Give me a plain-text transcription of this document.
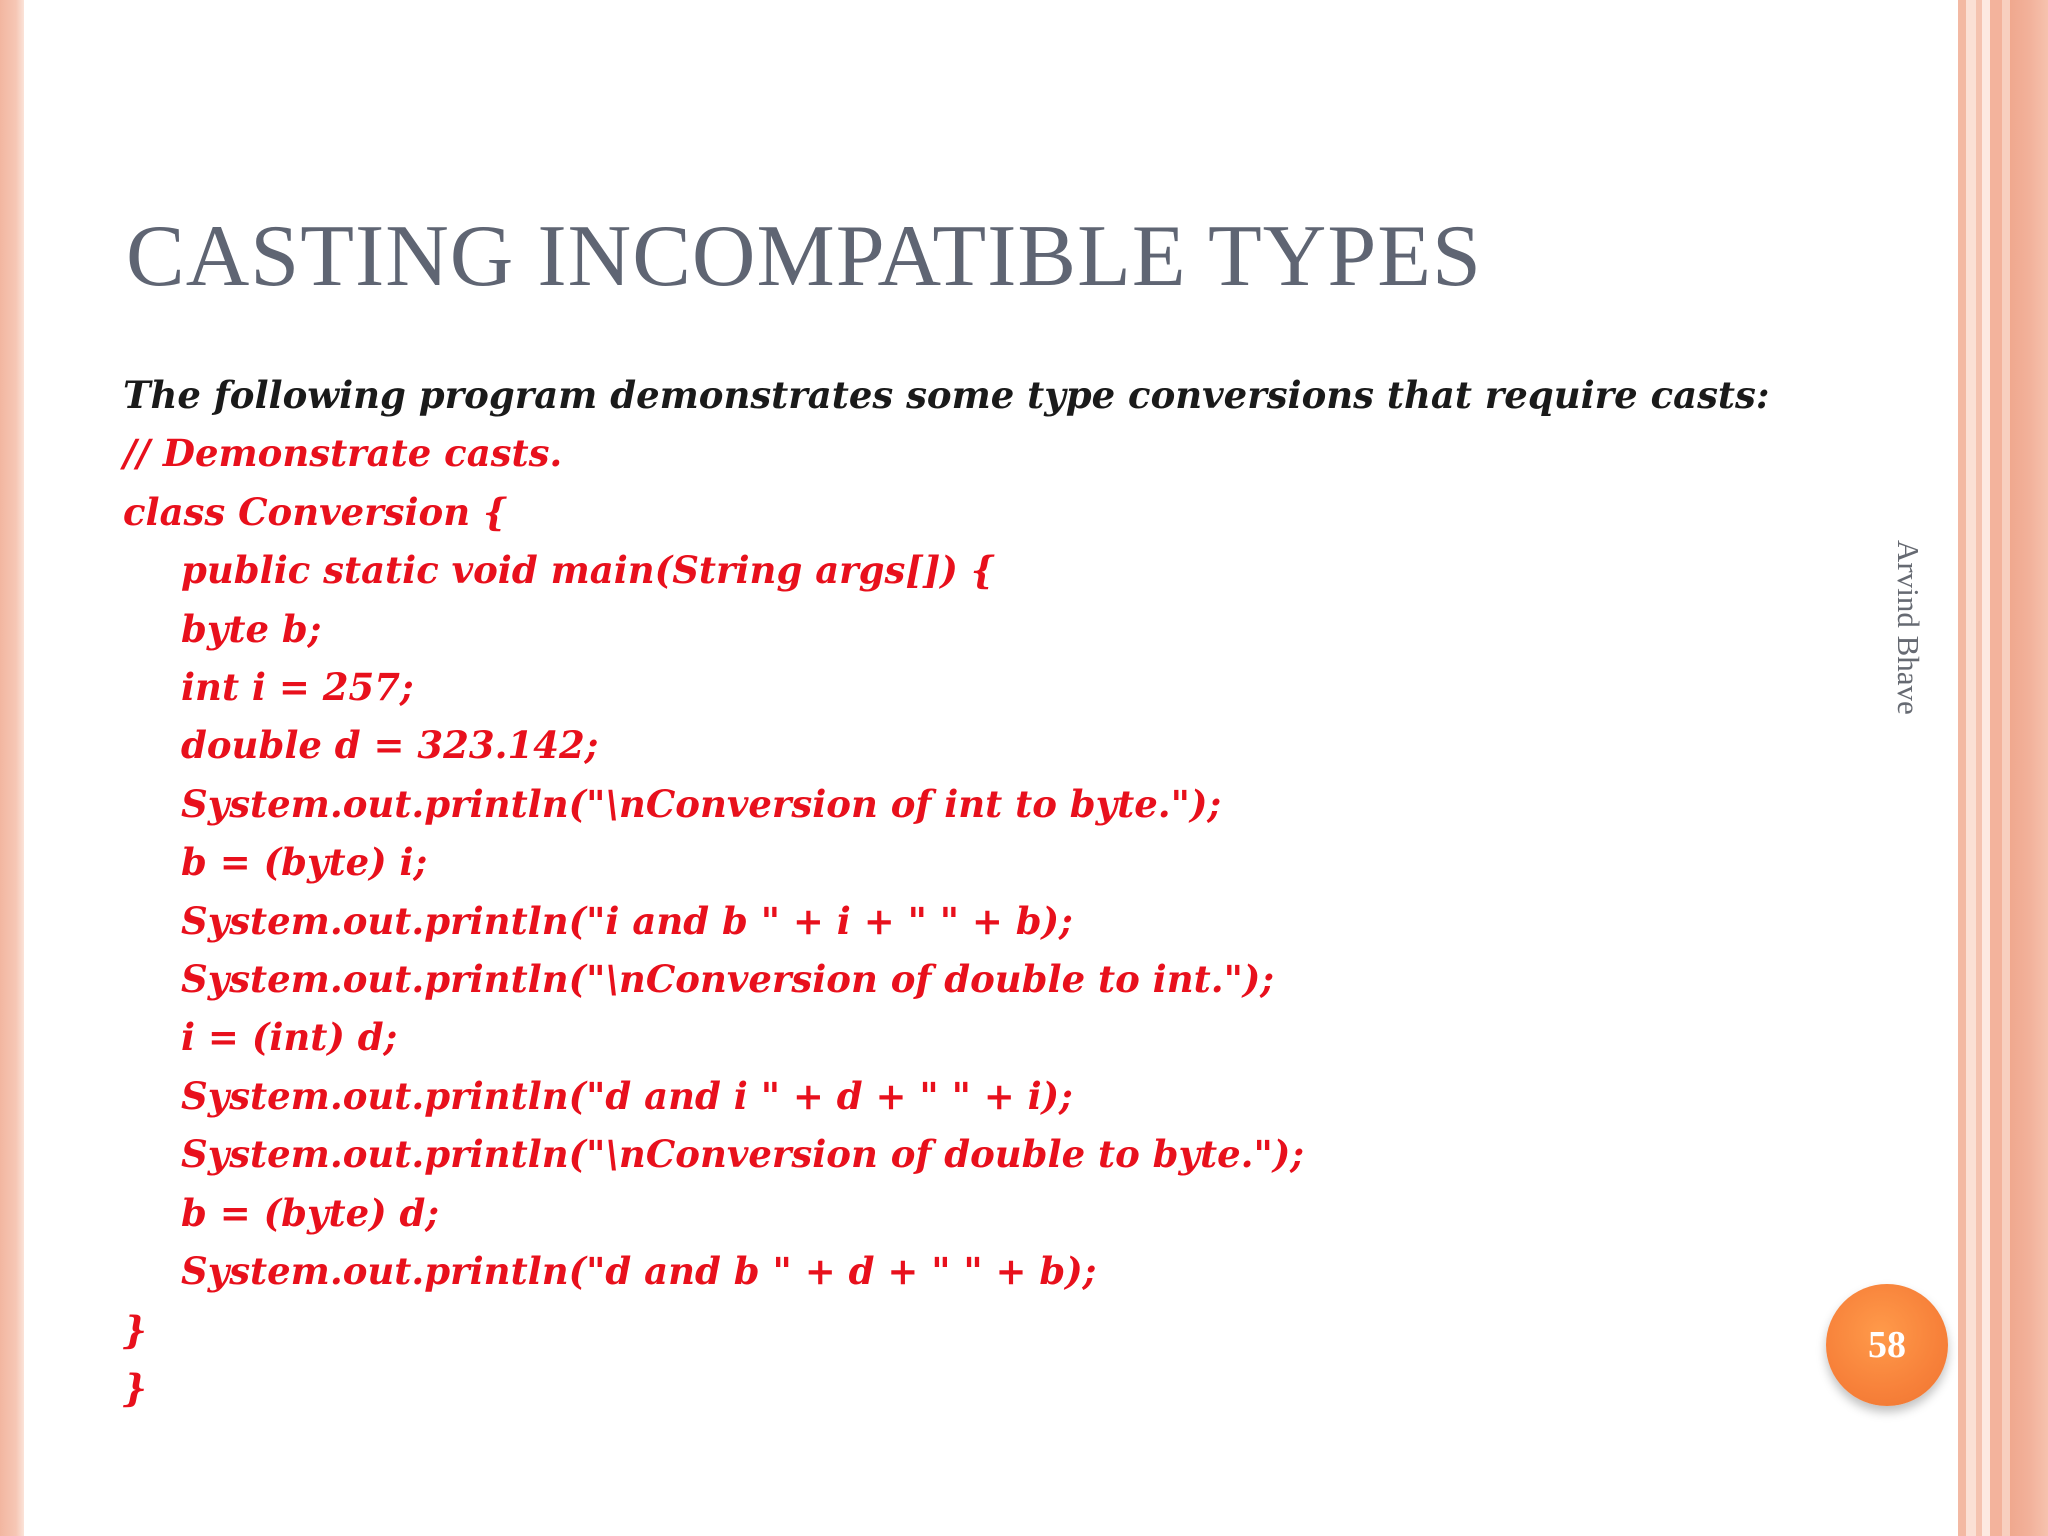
CASTING INCOMPATIBLE TYPES
The following program demonstrates some type conversions that require casts:
// Demonstrate casts.
class Conversion {
public static void main(String args[]) {
byte b;
int i = 257;
double d = 323.142;
System.out.println("\nConversion of int to byte.");
b = (byte) i;
System.out.println("i and b " + i + " " + b);
System.out.println("\nConversion of double to int.");
i = (int) d;
System.out.println("d and i " + d + " " + i);
System.out.println("\nConversion of double to byte.");
b = (byte) d;
System.out.println("d and b " + d + " " + b);
}
}
Arvind Bhave
58
